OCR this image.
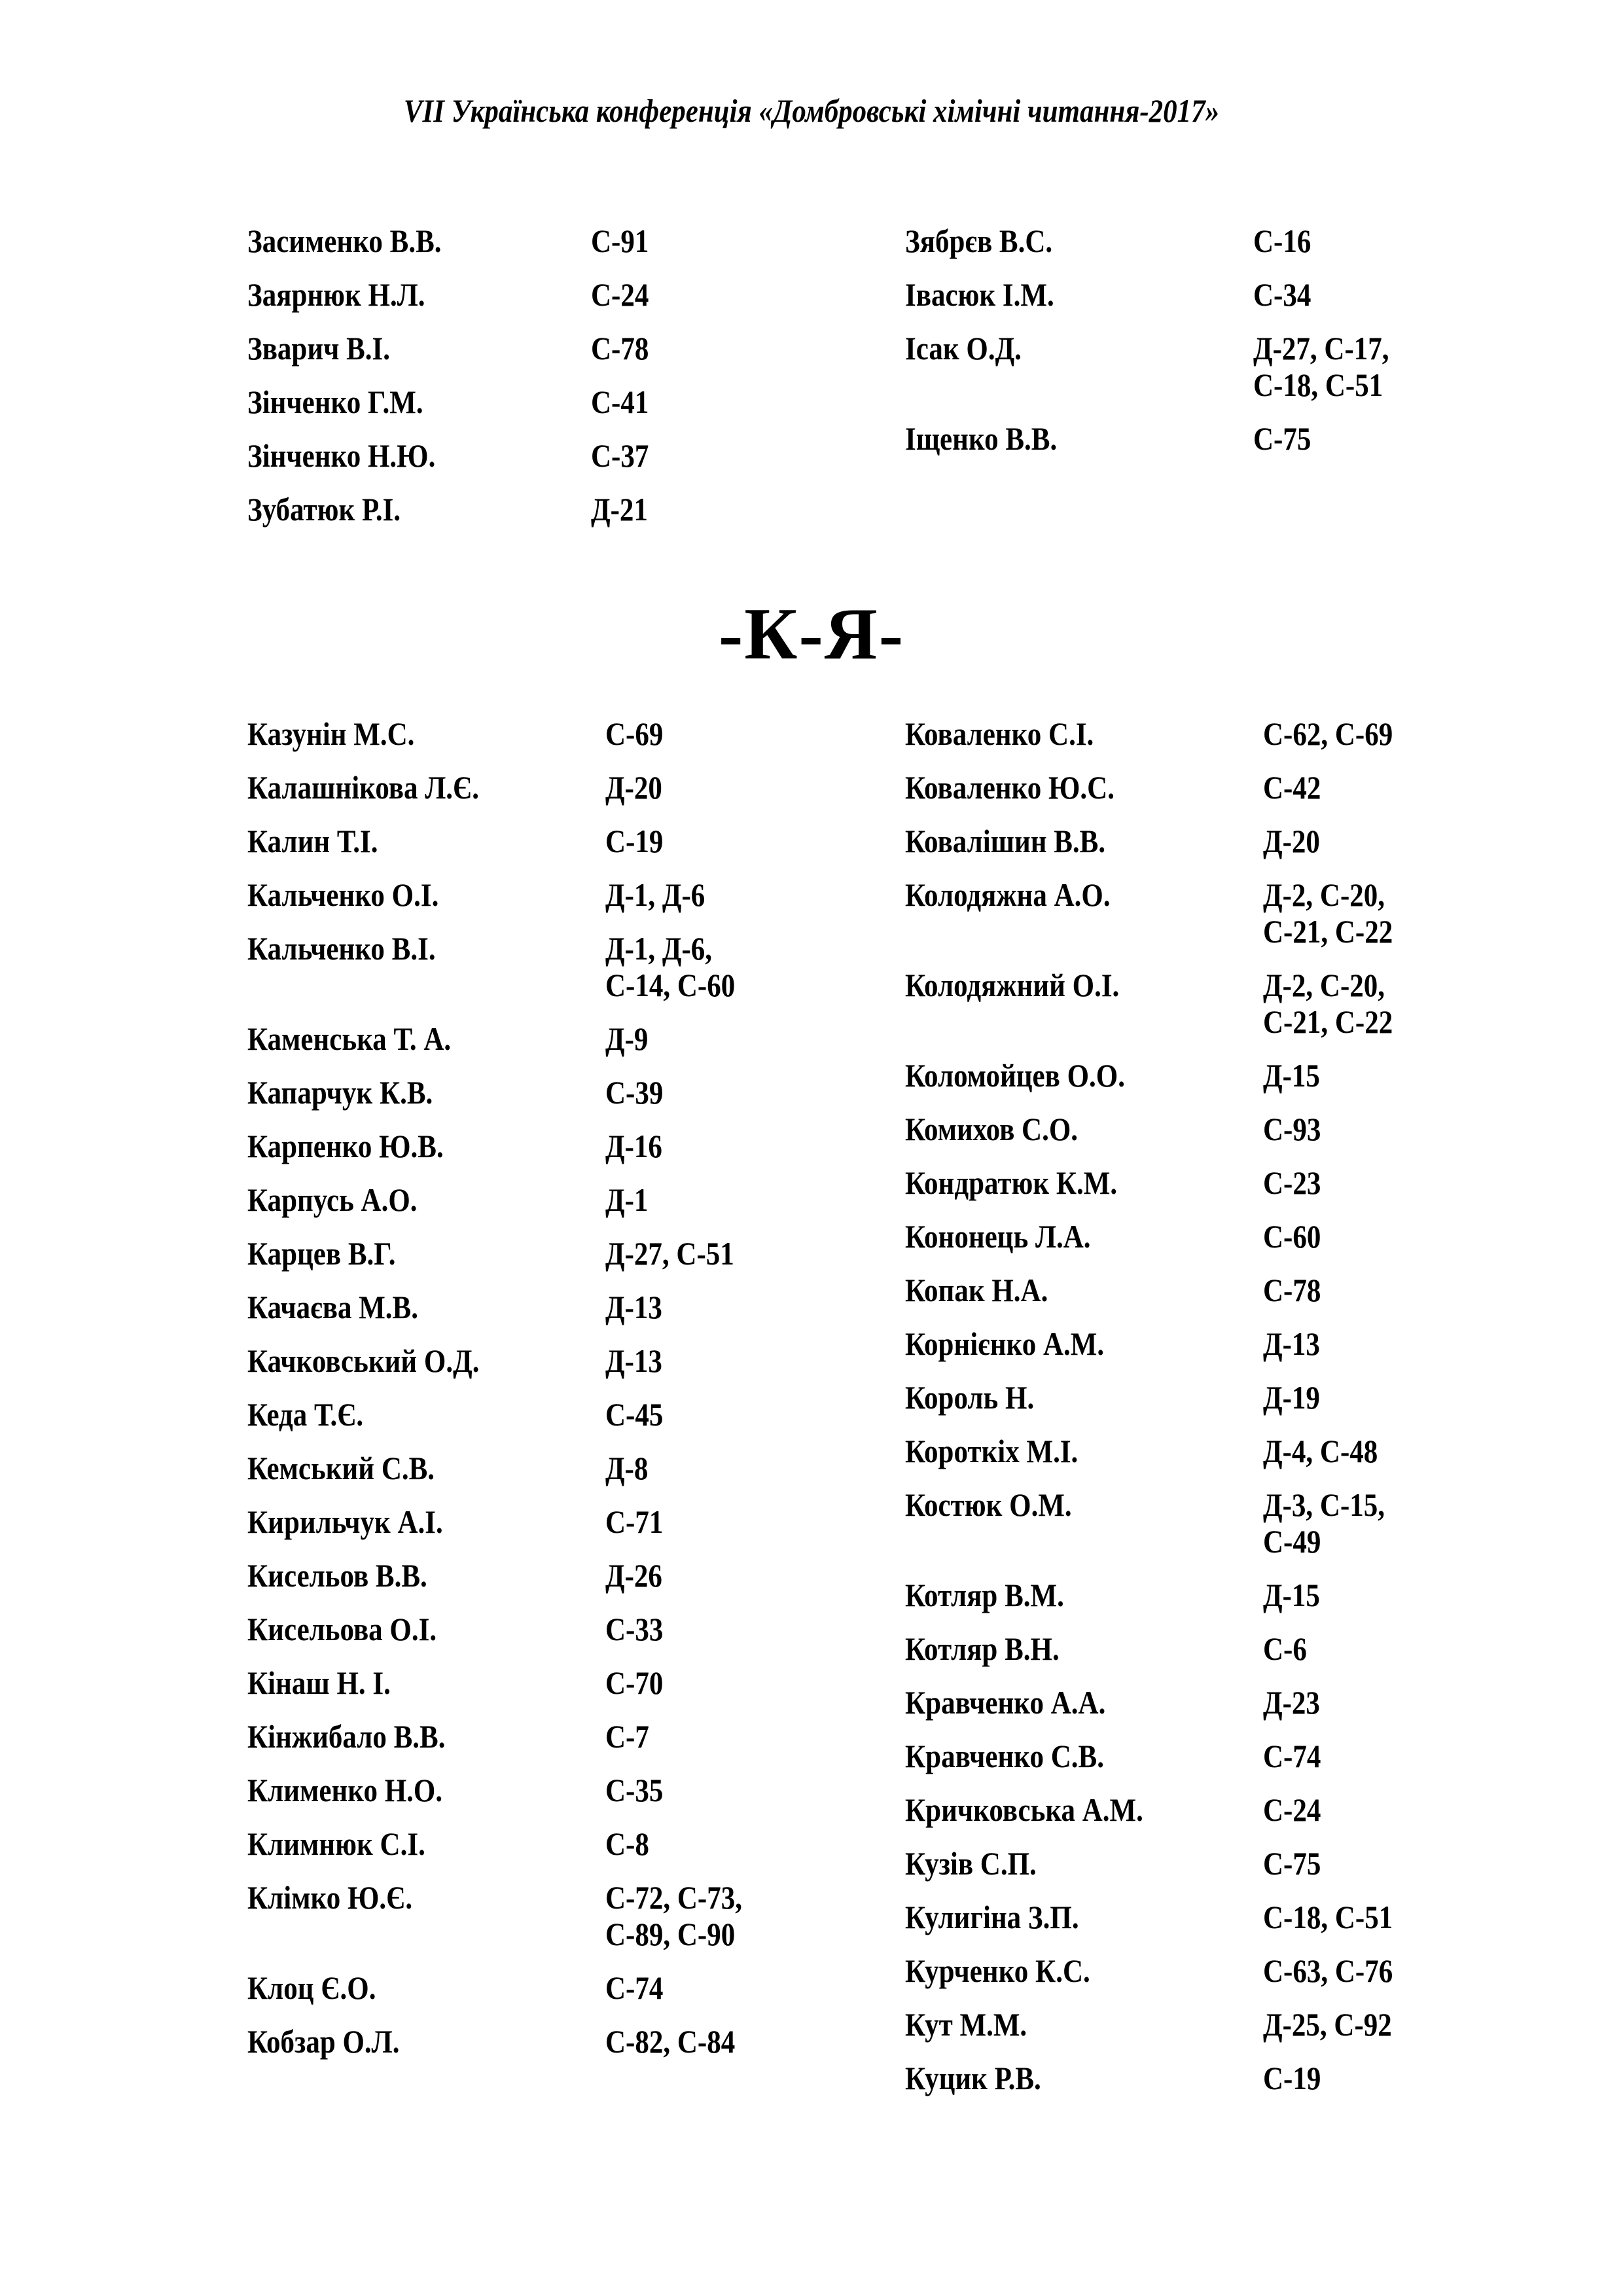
VII Українська конференція «Домбровські хімічні читання-2017»
Засименко В.В.	С-91
Заярнюк Н.Л.	С-24
Зварич В.І.	С-78
Зінченко Г.М.	С-41
Зінченко Н.Ю.	С-37
Зубатюк Р.І.	Д-21
Зябрєв В.С.	С-16
Івасюк І.М.	С-34
Ісак О.Д.	Д-27, С-17,
С-18, С-51
Іщенко В.В.	С-75
-К-Я-
Казунін М.С.	С-69
Калашнікова Л.Є.	Д-20
Калин Т.І.	С-19
Кальченко О.І.	Д-1, Д-6
Кальченко В.І.	Д-1, Д-6,
С-14, С-60
Каменська Т. А.	Д-9
Капарчук К.В.	С-39
Карпенко Ю.В.	Д-16
Карпусь А.О.	Д-1
Карцев В.Г.	Д-27, С-51
Качаєва М.В.	Д-13
Качковський О.Д.	Д-13
Кеда Т.Є.	С-45
Кемський С.В.	Д-8
Кирильчук А.І.	С-71
Кисельов В.В.	Д-26
Кисельова О.І.	С-33
Кінаш Н. І.	С-70
Кінжибало В.В.	С-7
Клименко Н.О.	С-35
Климнюк С.І.	С-8
Клімко Ю.Є.	С-72, С-73,
С-89, С-90
Клоц Є.О.	С-74
Кобзар О.Л.	С-82, С-84
Коваленко С.І.	С-62, С-69
Коваленко Ю.С.	С-42
Ковалішин В.В.	Д-20
Колодяжна А.О.	Д-2, С-20,
С-21, С-22
Колодяжний О.І.	Д-2, С-20,
С-21, С-22
Коломойцев О.О.	Д-15
Комихов С.О.	С-93
Кондратюк К.М.	С-23
Кононець Л.А.	С-60
Копак Н.А.	С-78
Корнієнко А.М.	Д-13
Король Н.	Д-19
Короткіх М.І.	Д-4, С-48
Костюк О.М.	Д-3, С-15,
С-49
Котляр В.М.	Д-15
Котляр В.Н.	С-6
Кравченко А.А.	Д-23
Кравченко С.В.	С-74
Кричковська А.М.	С-24
Кузів С.П.	С-75
Кулигіна З.П.	С-18, С-51
Курченко К.С.	С-63, С-76
Кут М.М.	Д-25, С-92
Куцик Р.В.	С-19
